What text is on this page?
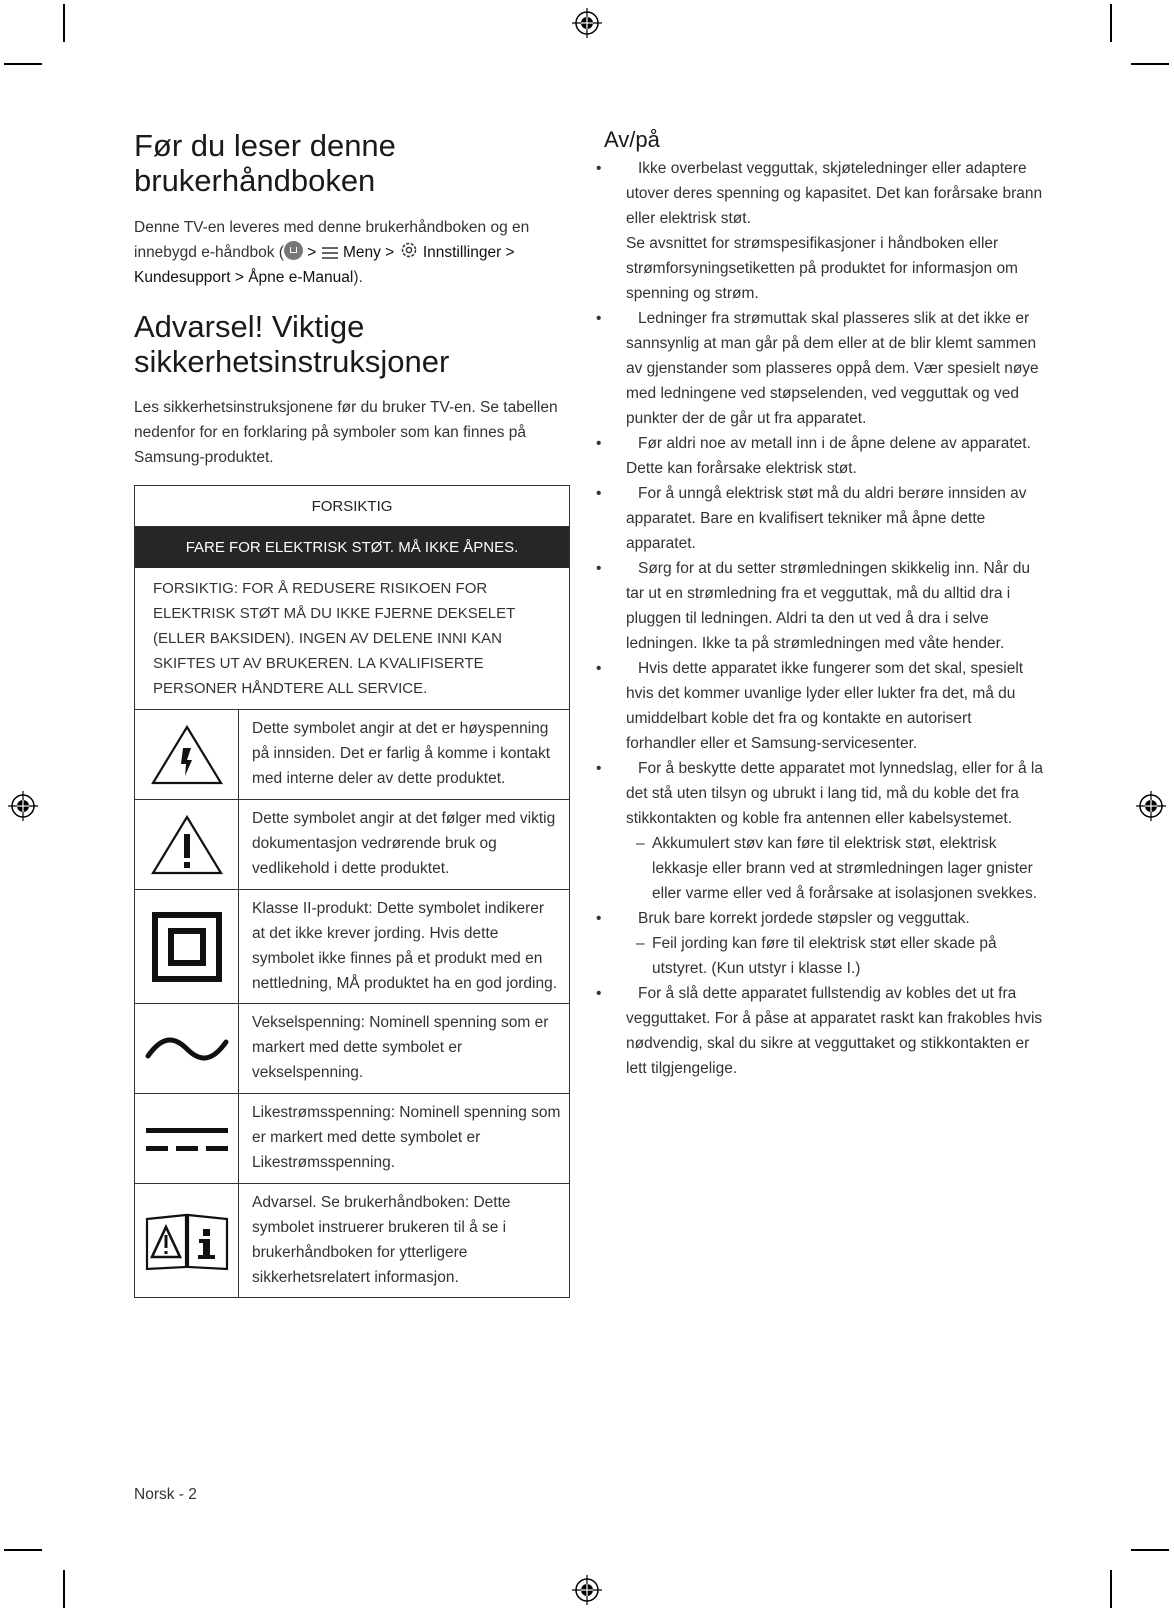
Før du leser denne brukerhåndboken

Denne TV-en leveres med denne brukerhåndboken og en innebygd e-håndbok ( >  Meny >  Innstillinger > Kundesupport > Åpne e-Manual).

Advarsel! Viktige sikkerhetsinstruksjoner

Les sikkerhetsinstruksjonene før du bruker TV-en. Se tabellen nedenfor for en forklaring på symboler som kan finnes på Samsung-produktet.

FORSIKTIG
FARE FOR ELEKTRISK STØT. MÅ IKKE ÅPNES.
FORSIKTIG: FOR Å REDUSERE RISIKOEN FOR ELEKTRISK STØT MÅ DU IKKE FJERNE DEKSELET (ELLER BAKSIDEN). INGEN AV DELENE INNI KAN SKIFTES UT AV BRUKEREN. LA KVALIFISERTE PERSONER HÅNDTERE ALL SERVICE.
Dette symbolet angir at det er høyspenning på innsiden. Det er farlig å komme i kontakt med interne deler av dette produktet.
Dette symbolet angir at det følger med viktig dokumentasjon vedrørende bruk og vedlikehold i dette produktet.
Klasse II-produkt: Dette symbolet indikerer at det ikke krever jording. Hvis dette symbolet ikke finnes på et produkt med en nettledning, MÅ produktet ha en god jording.
Vekselspenning: Nominell spenning som er markert med dette symbolet er vekselspenning.
Likestrømsspenning: Nominell spenning som er markert med dette symbolet er Likestrømsspenning.
Advarsel. Se brukerhåndboken: Dette symbolet instruerer brukeren til å se i brukerhåndboken for ytterligere sikkerhetsrelatert informasjon.
Av/på
• Ikke overbelast vegguttak, skjøteledninger eller adaptere utover deres spenning og kapasitet. Det kan forårsake brann eller elektrisk støt.
Se avsnittet for strømspesifikasjoner i håndboken eller strømforsyningsetiketten på produktet for informasjon om spenning og strøm.
• Ledninger fra strømuttak skal plasseres slik at det ikke er sannsynlig at man går på dem eller at de blir klemt sammen av gjenstander som plasseres oppå dem. Vær spesielt nøye med ledningene ved støpselenden, ved vegguttak og ved punkter der de går ut fra apparatet.
• Før aldri noe av metall inn i de åpne delene av apparatet. Dette kan forårsake elektrisk støt.
• For å unngå elektrisk støt må du aldri berøre innsiden av apparatet. Bare en kvalifisert tekniker må åpne dette apparatet.
• Sørg for at du setter strømledningen skikkelig inn. Når du tar ut en strømledning fra et vegguttak, må du alltid dra i pluggen til ledningen. Aldri ta den ut ved å dra i selve ledningen. Ikke ta på strømledningen med våte hender.
• Hvis dette apparatet ikke fungerer som det skal, spesielt hvis det kommer uvanlige lyder eller lukter fra det, må du umiddelbart koble det fra og kontakte en autorisert forhandler eller et Samsung-servicesenter.
• For å beskytte dette apparatet mot lynnedslag, eller for å la det stå uten tilsyn og ubrukt i lang tid, må du koble det fra stikkontakten og koble fra antennen eller kabelsystemet.
– Akkumulert støv kan føre til elektrisk støt, elektrisk lekkasje eller brann ved at strømledningen lager gnister eller varme eller ved å forårsake at isolasjonen svekkes.
• Bruk bare korrekt jordede støpsler og vegguttak.
– Feil jording kan føre til elektrisk støt eller skade på utstyret. (Kun utstyr i klasse I.)
• For å slå dette apparatet fullstendig av kobles det ut fra vegguttaket. For å påse at apparatet raskt kan frakobles hvis nødvendig, skal du sikre at vegguttaket og stikkontakten er lett tilgjengelige.
Norsk - 2
